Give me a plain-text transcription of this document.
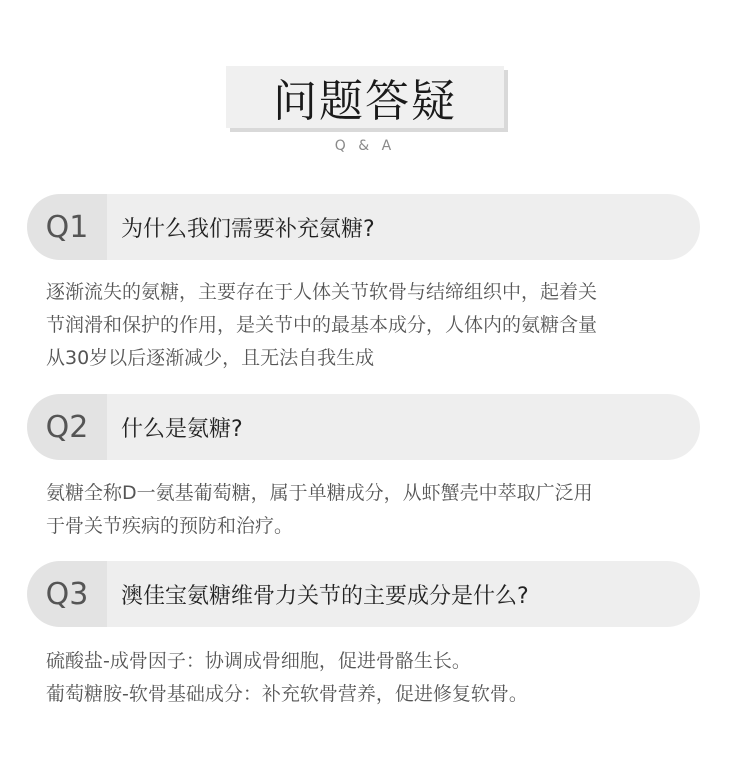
问题答疑
Q & A
Q1	为什么我们需要补充氨糖?
逐渐流失的氨糖，主要存在于人体关节软骨与结缔组织中，起着关
节润滑和保护的作用，是关节中的最基本成分，人体内的氨糖含量
从30岁以后逐渐减少，且无法自我生成
Q2	什么是氨糖?
氨糖全称D一氨基葡萄糖，属于单糖成分，从虾蟹壳中萃取广泛用
于骨关节疾病的预防和治疗。
Q3	澳佳宝氨糖维骨力关节的主要成分是什么?
硫酸盐-成骨因子：协调成骨细胞，促进骨骼生长。
葡萄糖胺-软骨基础成分：补充软骨营养，促进修复软骨。
